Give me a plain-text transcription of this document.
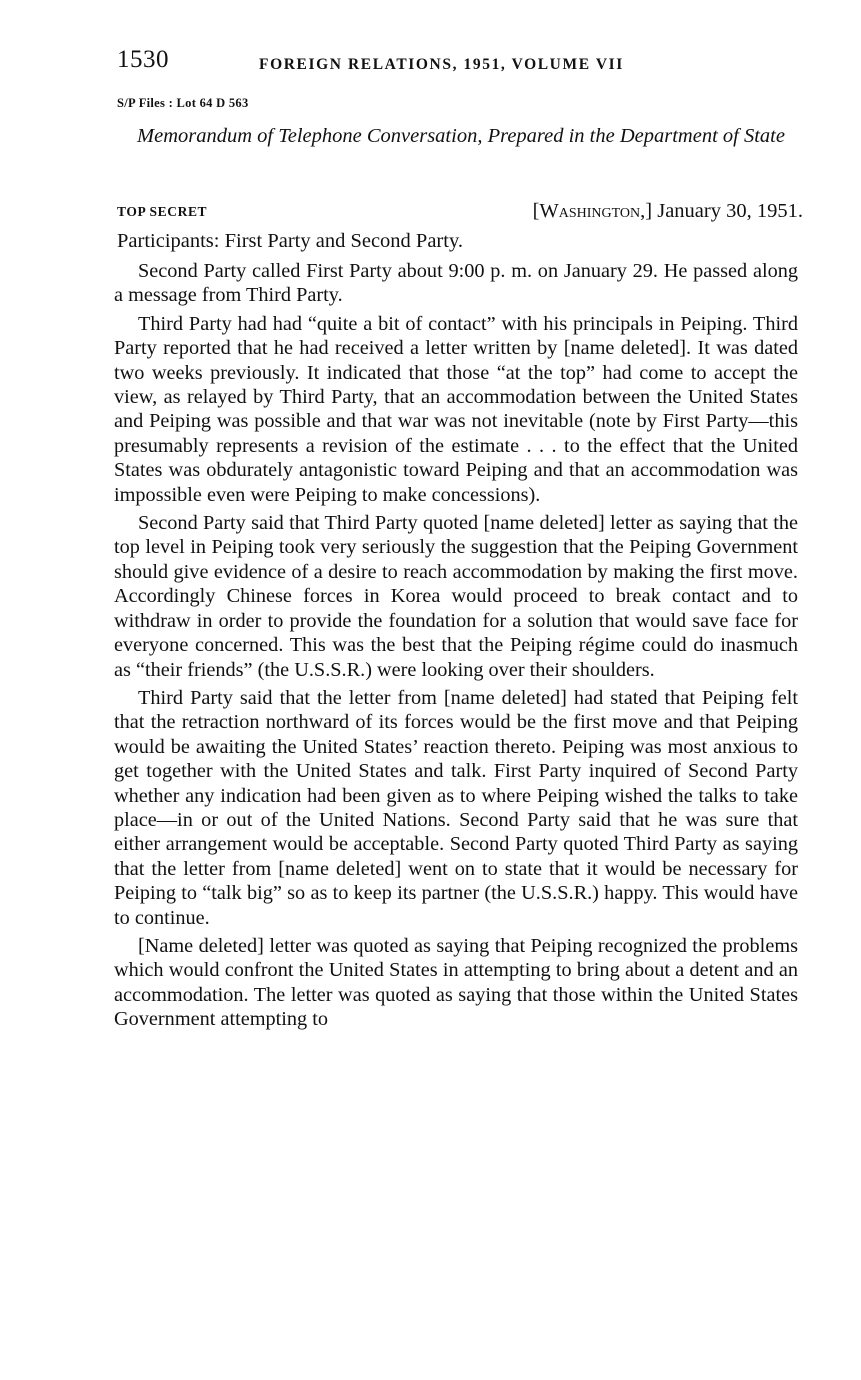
1530	FOREIGN RELATIONS, 1951, VOLUME VII
S/P Files : Lot 64 D 563
Memorandum of Telephone Conversation, Prepared in the Department of State
TOP SECRET	[Washington,] January 30, 1951.
Participants: First Party and Second Party.

Second Party called First Party about 9:00 p. m. on January 29. He passed along a message from Third Party.

Third Party had had “quite a bit of contact” with his principals in Peiping. Third Party reported that he had received a letter written by [name deleted]. It was dated two weeks previously. It indicated that those “at the top” had come to accept the view, as relayed by Third Party, that an accommodation between the United States and Peiping was possible and that war was not inevitable (note by First Party—this presumably represents a revision of the estimate . . . to the effect that the United States was obdurately antagonistic toward Peiping and that an accommodation was impossible even were Peiping to make concessions).

Second Party said that Third Party quoted [name deleted] letter as saying that the top level in Peiping took very seriously the suggestion that the Peiping Government should give evidence of a desire to reach accommodation by making the first move. Accordingly Chinese forces in Korea would proceed to break contact and to withdraw in order to provide the foundation for a solution that would save face for everyone concerned. This was the best that the Peiping régime could do inasmuch as “their friends” (the U.S.S.R.) were looking over their shoulders.

Third Party said that the letter from [name deleted] had stated that Peiping felt that the retraction northward of its forces would be the first move and that Peiping would be awaiting the United States’ reaction thereto. Peiping was most anxious to get together with the United States and talk. First Party inquired of Second Party whether any indication had been given as to where Peiping wished the talks to take place—in or out of the United Nations. Second Party said that he was sure that either arrangement would be acceptable. Second Party quoted Third Party as saying that the letter from [name deleted] went on to state that it would be necessary for Peiping to “talk big” so as to keep its partner (the U.S.S.R.) happy. This would have to continue.

[Name deleted] letter was quoted as saying that Peiping recognized the problems which would confront the United States in attempting to bring about a detent and an accommodation. The letter was quoted as saying that those within the United States Government attempting to
